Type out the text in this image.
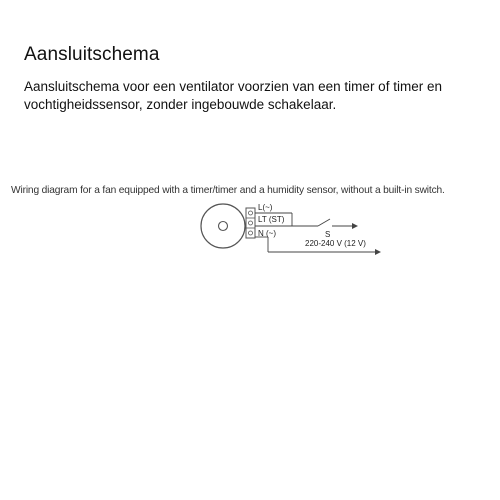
Aansluitschema

Aansluitschema voor een ventilator voorzien van een timer of timer en vochtigheidssensor, zonder ingebouwde schakelaar.

Wiring diagram for a fan equipped with a timer/timer and a humidity sensor, without a built-in switch.
L(~)
LT (ST)
N (~)	S
220-240 V (12 V)
